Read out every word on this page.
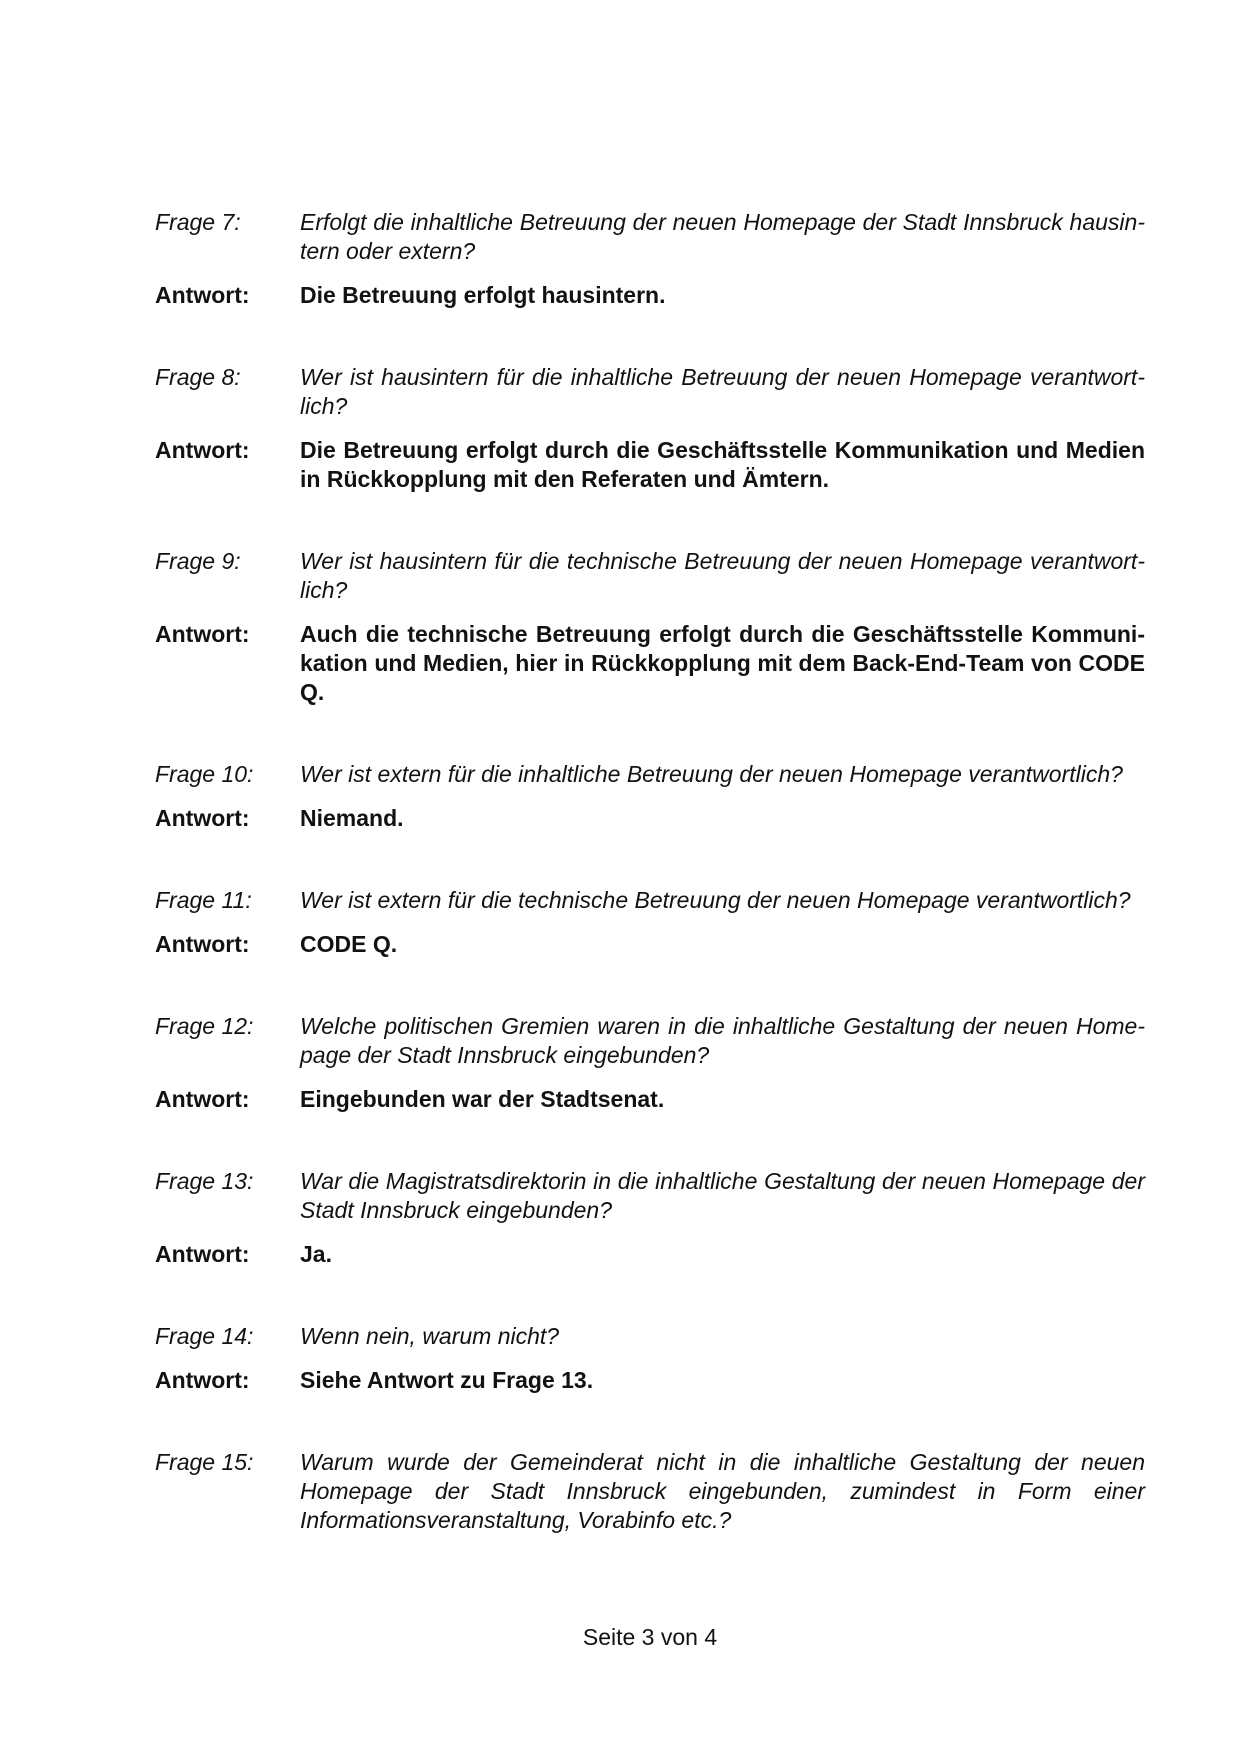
Frage 7:	Erfolgt die inhaltliche Betreuung der neuen Homepage der Stadt Innsbruck hausintern oder extern?
Antwort:	Die Betreuung erfolgt hausintern.
Frage 8:	Wer ist hausintern für die inhaltliche Betreuung der neuen Homepage verantwortlich?
Antwort:	Die Betreuung erfolgt durch die Geschäftsstelle Kommunikation und Medien in Rückkopplung mit den Referaten und Ämtern.
Frage 9:	Wer ist hausintern für die technische Betreuung der neuen Homepage verantwortlich?
Antwort:	Auch die technische Betreuung erfolgt durch die Geschäftsstelle Kommunikation und Medien, hier in Rückkopplung mit dem Back-End-Team von CODE Q.
Frage 10:	Wer ist extern für die inhaltliche Betreuung der neuen Homepage verantwortlich?
Antwort:	Niemand.
Frage 11:	Wer ist extern für die technische Betreuung der neuen Homepage verantwortlich?
Antwort:	CODE Q.
Frage 12:	Welche politischen Gremien waren in die inhaltliche Gestaltung der neuen Homepage der Stadt Innsbruck eingebunden?
Antwort:	Eingebunden war der Stadtsenat.
Frage 13:	War die Magistratsdirektorin in die inhaltliche Gestaltung der neuen Homepage der Stadt Innsbruck eingebunden?
Antwort:	Ja.
Frage 14:	Wenn nein, warum nicht?
Antwort:	Siehe Antwort zu Frage 13.
Frage 15:	Warum wurde der Gemeinderat nicht in die inhaltliche Gestaltung der neuen Homepage der Stadt Innsbruck eingebunden, zumindest in Form einer Informationsveranstaltung, Vorabinfo etc.?
Seite 3 von 4
